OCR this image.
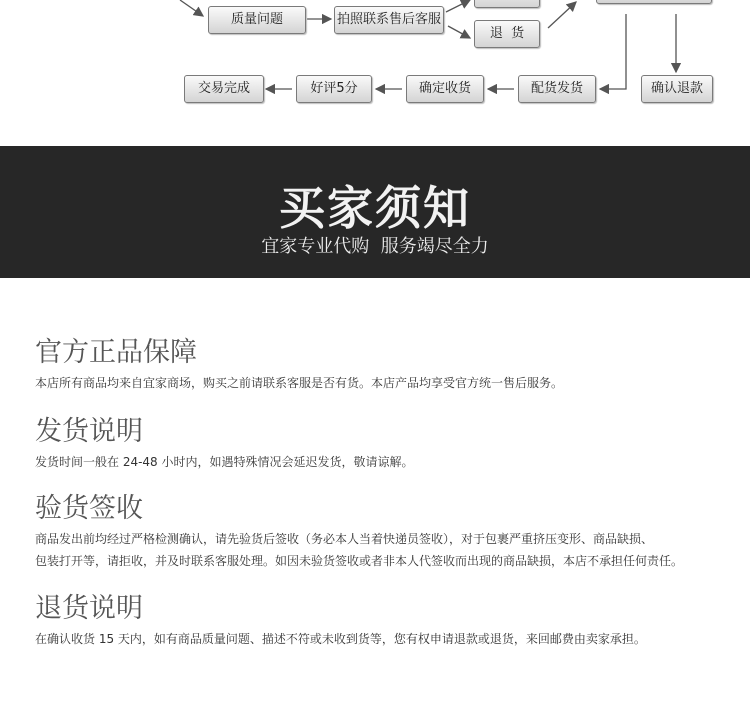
质量问题	拍照联系售后客服
退  货
交易完成	好评5分	确定收货	配货发货	确认退款
买家须知
宜家专业代购  服务竭尽全力
官方正品保障

本店所有商品均来自宜家商场，购买之前请联系客服是否有货。本店产品均享受官方统一售后服务。

发货说明

发货时间一般在 24-48 小时内，如遇特殊情况会延迟发货，敬请谅解。

验货签收

商品发出前均经过严格检测确认，请先验货后签收（务必本人当着快递员签收），对于包裹严重挤压变形、商品缺损、

包装打开等，请拒收，并及时联系客服处理。如因未验货签收或者非本人代签收而出现的商品缺损，本店不承担任何责任。

退货说明

在确认收货 15 天内，如有商品质量问题、描述不符或未收到货等，您有权申请退款或退货，来回邮费由卖家承担。
